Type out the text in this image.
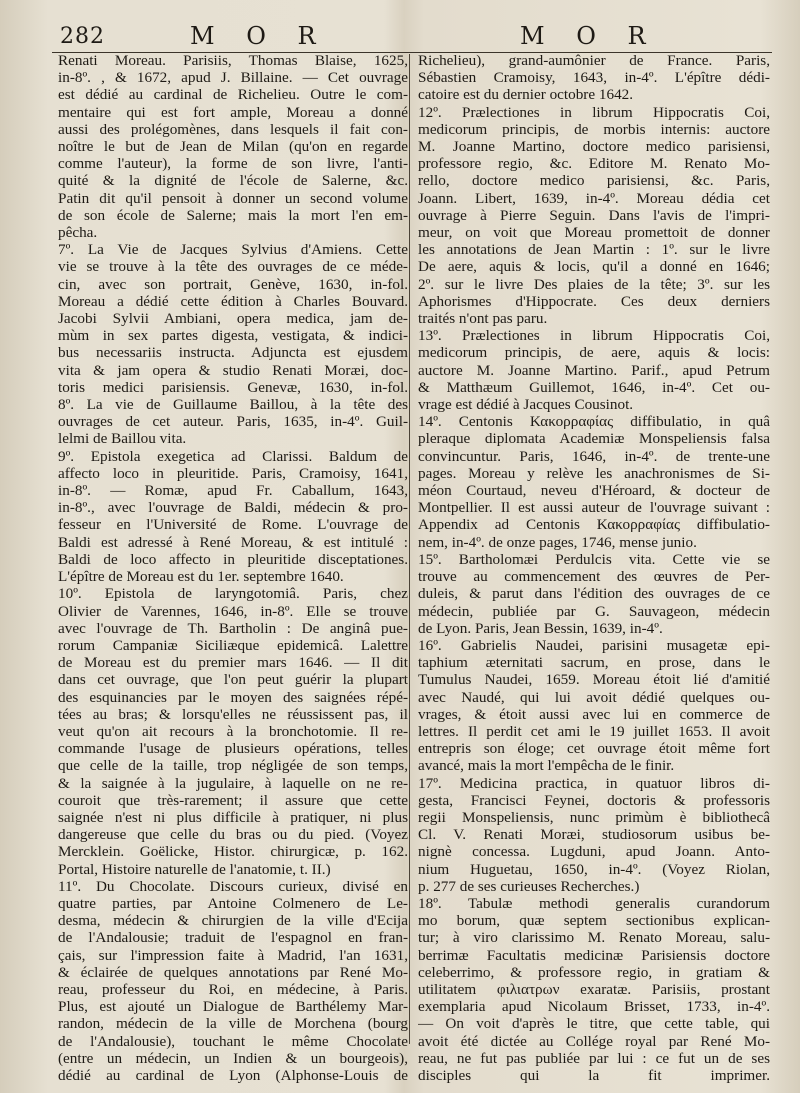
282	M O R	M O R
Renati Moreau. Parisiis, Thomas Blaise, 1625,
in-8º. , & 1672, apud J. Billaine. — Cet ouvrage
est dédié au cardinal de Richelieu. Outre le com-
mentaire qui est fort ample, Moreau a donné
aussi des prolégomènes, dans lesquels il fait con-
noître le but de Jean de Milan (qu'on en regarde
comme l'auteur), la forme de son livre, l'anti-
quité & la dignité de l'école de Salerne, &c.
Patin dit qu'il pensoit à donner un second volume
de son école de Salerne; mais la mort l'en em-
pêcha.
7º. La Vie de Jacques Sylvius d'Amiens. Cette
vie se trouve à la tête des ouvrages de ce méde-
cin, avec son portrait, Genève, 1630, in-fol.
Moreau a dédié cette édition à Charles Bouvard.
Jacobi Sylvii Ambiani, opera medica, jam de-
mùm in sex partes digesta, vestigata, & indici-
bus necessariis instructa. Adjuncta est ejusdem
vita & jam opera & studio Renati Moræi, doc-
toris medici parisiensis. Genevæ, 1630, in-fol.
8º. La vie de Guillaume Baillou, à la tête des
ouvrages de cet auteur. Paris, 1635, in-4º. Guil-
lelmi de Baillou vita.
9º. Epistola exegetica ad Clarissi. Baldum de
affecto loco in pleuritide. Paris, Cramoisy, 1641,
in-8º. — Romæ, apud Fr. Caballum, 1643,
in-8º., avec l'ouvrage de Baldi, médecin & pro-
fesseur en l'Université de Rome. L'ouvrage de
Baldi est adressé à René Moreau, & est intitulé :
Baldi de loco affecto in pleuritide disceptationes.
L'épître de Moreau est du 1er. septembre 1640.
10º. Epistola de laryngotomiâ. Paris, chez
Olivier de Varennes, 1646, in-8º. Elle se trouve
avec l'ouvrage de Th. Bartholin : De anginâ pue-
rorum Campaniæ Siciliæque epidemicâ. Lalettre
de Moreau est du premier mars 1646. — Il dit
dans cet ouvrage, que l'on peut guérir la plupart
des esquinancies par le moyen des saignées répé-
tées au bras; & lorsqu'elles ne réussissent pas, il
veut qu'on ait recours à la bronchotomie. Il re-
commande l'usage de plusieurs opérations, telles
que celle de la taille, trop négligée de son temps,
& la saignée à la jugulaire, à laquelle on ne re-
couroit que très-rarement; il assure que cette
saignée n'est ni plus difficile à pratiquer, ni plus
dangereuse que celle du bras ou du pied. (Voyez
Mercklein. Goëlicke, Histor. chirurgicæ, p. 162.
Portal, Histoire naturelle de l'anatomie, t. II.)
11º. Du Chocolate. Discours curieux, divisé en
quatre parties, par Antoine Colmenero de Le-
desma, médecin & chirurgien de la ville d'Ecija
de l'Andalousie; traduit de l'espagnol en fran-
çais, sur l'impression faite à Madrid, l'an 1631,
& éclairée de quelques annotations par René Mo-
reau, professeur du Roi, en médecine, à Paris.
Plus, est ajouté un Dialogue de Barthélemy Mar-
randon, médecin de la ville de Morchena (bourg
de l'Andalousie), touchant le même Chocolate
(entre un médecin, un Indien & un bourgeois),
dédié au cardinal de Lyon (Alphonse-Louis de
Richelieu), grand-aumônier de France. Paris,
Sébastien Cramoisy, 1643, in-4º. L'épître dédi-
catoire est du dernier octobre 1642.
12º. Prælectiones in librum Hippocratis Coi,
medicorum principis, de morbis internis: auctore
M. Joanne Martino, doctore medico parisiensi,
professore regio, &c. Editore M. Renato Mo-
rello, doctore medico parisiensi, &c. Paris,
Joann. Libert, 1639, in-4º. Moreau dédia cet
ouvrage à Pierre Seguin. Dans l'avis de l'impri-
meur, on voit que Moreau promettoit de donner
les annotations de Jean Martin : 1º. sur le livre
De aere, aquis & locis, qu'il a donné en 1646;
2º. sur le livre Des plaies de la tête; 3º. sur les
Aphorismes d'Hippocrate. Ces deux derniers
traités n'ont pas paru.
13º. Prælectiones in librum Hippocratis Coi,
medicorum principis, de aere, aquis & locis:
auctore M. Joanne Martino. Parif., apud Petrum
& Matthæum Guillemot, 1646, in-4º. Cet ou-
vrage est dédié à Jacques Cousinot.
14º. Centonis Κακορραφίας diffibulatio, in quâ
pleraque diplomata Academiæ Monspeliensis falsa
convincuntur. Paris, 1646, in-4º. de trente-une
pages. Moreau y relève les anachronismes de Si-
méon Courtaud, neveu d'Héroard, & docteur de
Montpellier. Il est aussi auteur de l'ouvrage suivant :
Appendix ad Centonis Κακορραφίας diffibulatio-
nem, in-4º. de onze pages, 1746, mense junio.
15º. Bartholomæi Perdulcis vita. Cette vie se
trouve au commencement des œuvres de Per-
duleis, & parut dans l'édition des ouvrages de ce
médecin, publiée par G. Sauvageon, médecin
de Lyon. Paris, Jean Bessin, 1639, in-4º.
16º. Gabrielis Naudei, parisini musagetæ epi-
taphium æternitati sacrum, en prose, dans le
Tumulus Naudei, 1659. Moreau étoit lié d'amitié
avec Naudé, qui lui avoit dédié quelques ou-
vrages, & étoit aussi avec lui en commerce de
lettres. Il perdit cet ami le 19 juillet 1653. Il avoit
entrepris son éloge; cet ouvrage étoit même fort
avancé, mais la mort l'empêcha de le finir.
17º. Medicina practica, in quatuor libros di-
gesta, Francisci Feynei, doctoris & professoris
regii Monspeliensis, nunc primùm è bibliothecâ
Cl. V. Renati Moræi, studiosorum usibus be-
nignè concessa. Lugduni, apud Joann. Anto-
nium Huguetau, 1650, in-4º. (Voyez Riolan,
p. 277 de ses curieuses Recherches.)
18º. Tabulæ methodi generalis curandorum
mo borum, quæ septem sectionibus explican-
tur; à viro clarissimo M. Renato Moreau, salu-
berrimæ Facultatis medicinæ Parisiensis doctore
celeberrimo, & professore regio, in gratiam &
utilitatem φιλιατρων exaratæ. Parisiis, prostant
exemplaria apud Nicolaum Brisset, 1733, in-4º.
— On voit d'après le titre, que cette table, qui
avoit été dictée au Collége royal par René Mo-
reau, ne fut pas publiée par lui : ce fut un de ses
disciples qui la fit imprimer.
